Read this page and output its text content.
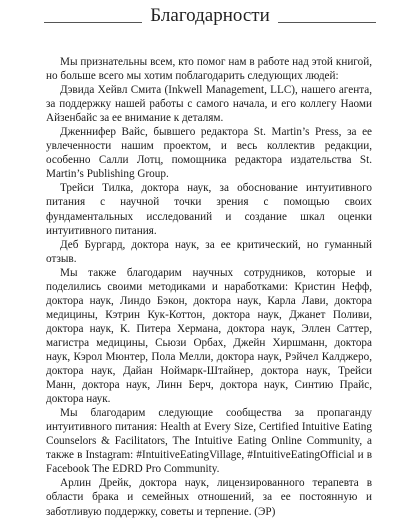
Благодарности

Мы признательны всем, кто помог нам в работе над этой книгой, но больше всего мы хотим поблагодарить следующих людей:

Дэвида Хейвл Смита (Inkwell Management, LLC), нашего агента, за поддержку нашей работы с самого начала, и его коллегу Наоми Айзенбайс за ее внимание к деталям.

Дженнифер Вайс, бывшего редактора St. Martin’s Press, за ее увлеченности нашим проектом, и весь коллектив редакции, особенно Салли Лотц, помощника редактора издательства St. Martin’s Publishing Group.

Трейси Тилка, доктора наук, за обоснование интуитивного питания с научной точки зрения с помощью своих фундаментальных исследований и создание шкал оценки интуитивного питания.

Деб Бургард, доктора наук, за ее критический, но гуманный отзыв.

Мы также благодарим научных сотрудников, которые и поделились своими методиками и наработками: Кристин Нефф, доктора наук, Линдо Бэкон, доктора наук, Карла Лави, доктора медицины, Кэтрин Кук-Коттон, доктора наук, Джанет Поливи, доктора наук, К. Питера Хермана, доктора наук, Эллен Саттер, магистра медицины, Сьюзи Орбах, Джейн Хиршманн, доктора наук, Кэрол Мюнтер, Пола Мелли, доктора наук, Рэйчел Калджеро, доктора наук, Дайан Ноймарк-Штайнер, доктора наук, Трейси Манн, доктора наук, Линн Берч, доктора наук, Синтию Прайс, доктора наук.

Мы благодарим следующие сообщества за пропаганду интуитивного питания: Health at Every Size, Certified Intuitive Eating Counselors & Facilitators, The Intuitive Eating Online Community, а также в Instagram: #IntuitiveEatingVillage, #IntuitiveEatingOfficial и в Facebook The EDRD Pro Community.

Арлин Дрейк, доктора наук, лицензированного терапевта в области брака и семейных отношений, за ее постоянную и заботливую поддержку, советы и терпение. (ЭР)
